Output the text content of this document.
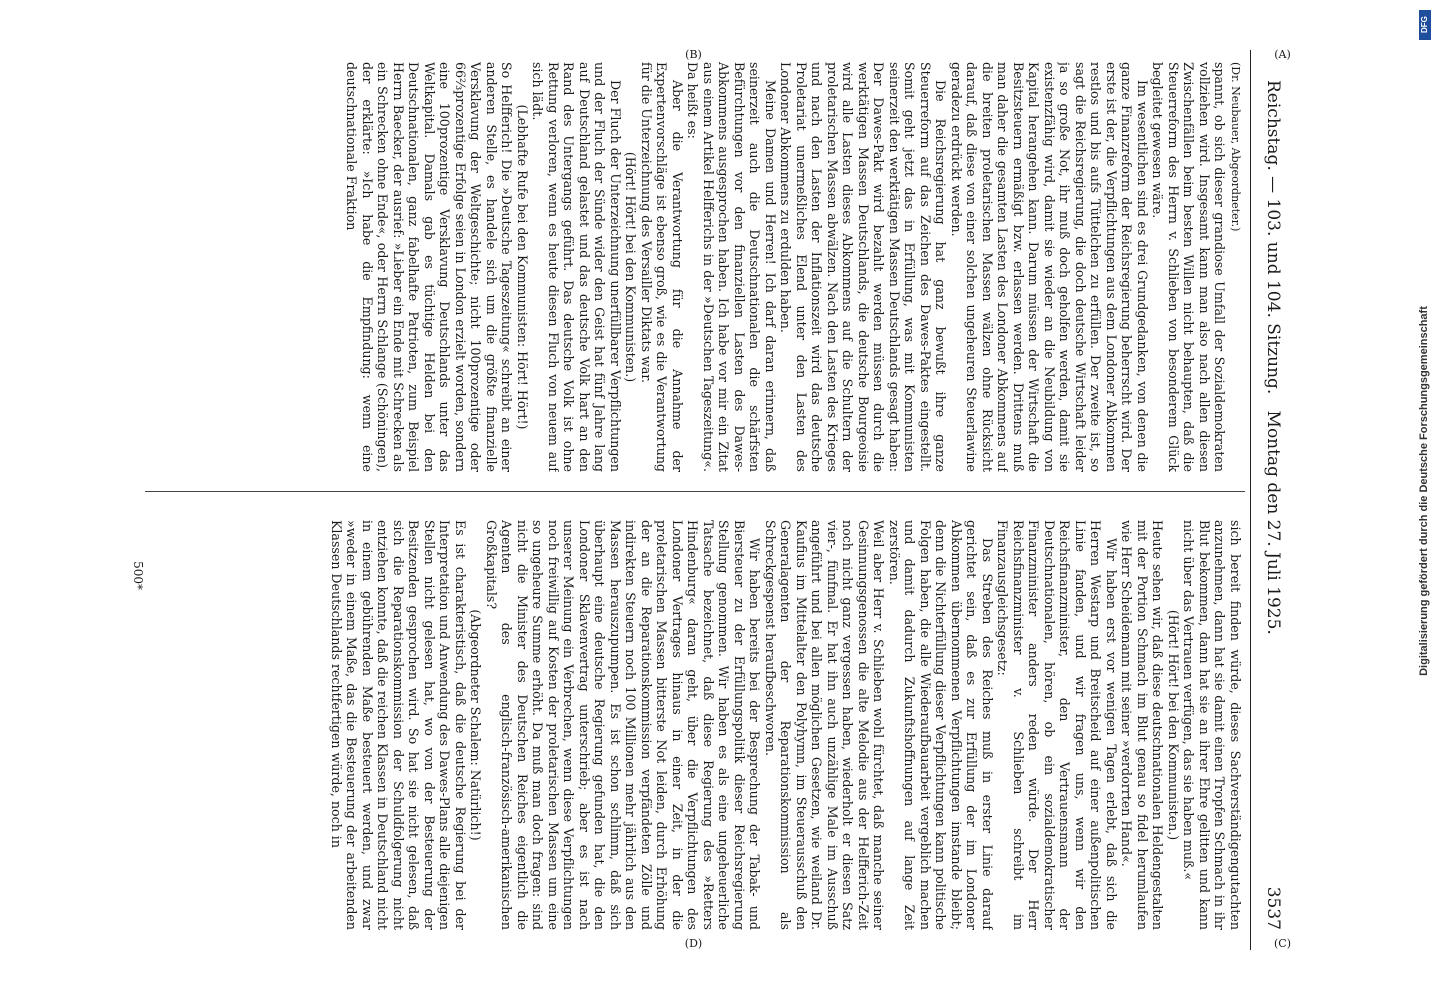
Reichstag. — 103. und 104. Sitzung.   Montag den 27. Juli 1925.
3537

(Dr. Neubauer, Abgeordneter.)

spannt, ob sich dieser grandiose Umfall der Sozialdemokraten vollziehen wird. Insgesamt kann man also nach allen diesen Zwischenfällen beim besten Willen nicht behaupten, daß die Steuerreform des Herrn v. Schlieben von besonderem Glück begleitet gewesen wäre.

Im wesentlichen sind es drei Grundgedanken, von denen die ganze Finanzreform der Reichsregierung beherrscht wird. Der erste ist der, die Verpflichtungen aus dem Londoner Abkommen restlos und bis aufs Tüttelchen zu erfüllen. Der zweite ist, so sagt die Reichsregierung, die doch deutsche Wirtschaft leider ja so große Not, ihr muß doch geholfen werden, damit sie existenzfähig wird, damit sie wieder an die Neubildung von Kapital herangehen kann. Darum müssen der Wirtschaft die Besitzsteuern ermäßigt bzw. erlassen werden. Drittens muß man daher die gesamten Lasten des Londoner Abkommens auf die breiten proletarischen Massen wälzen ohne Rücksicht darauf, daß diese von einer solchen ungeheuren Steuerlawine geradezu erdrückt werden.

Die Reichsregierung hat ganz bewußt ihre ganze Steuerreform auf das Zeichen des Dawes-Paktes eingestellt. Somit geht jetzt das in Erfüllung, was mit Kommunisten seinerzeit den werktätigen Massen Deutschlands gesagt haben: Der Dawes-Pakt wird bezahlt werden müssen durch die werktätigen Massen Deutschlands, die deutsche Bourgeoisie wird alle Lasten dieses Abkommens auf die Schultern der proletarischen Massen abwälzen. Nach den Lasten des Krieges und nach den Lasten der Inflationszeit wird das deutsche Proletariat unermeßliches Elend unter den Lasten des Londoner Abkommens zu erdulden haben.

Meine Damen und Herren! Ich darf daran erinnern, daß seinerzeit auch die Deutschnationalen die schärfsten Befürchtungen vor den finanziellen Lasten des Dawes-Abkommens ausgesprochen haben. Ich habe vor mir ein Zitat aus einem Artikel Helfferichs in der »Deutschen Tageszeitung«. Da heißt es:

Aber die Verantwortung für die Annahme der Expertenvorschläge ist ebenso groß, wie es die Verantwortung für die Unterzeichnung des Versailler Diktats war.

(Hört! Hört! bei den Kommunisten.)

Der Fluch der Unterzeichnung unerfüllbarer Verpflichtungen und der Fluch der Sünde wider den Geist hat fünf Jahre lang auf Deutschland gelastet und das deutsche Volk hart an den Rand des Untergangs geführt. Das deutsche Volk ist ohne Rettung verloren, wenn es heute diesen Fluch von neuem auf sich lädt.

(Lebhafte Rufe bei den Kommunisten: Hört! Hört!)

So Helfferich! Die »Deutsche Tageszeitung« schreibt an einer anderen Stelle, es handele sich um die größte finanzielle Versklavung der Weltgeschichte; nicht 100prozentige oder 66⅔prozentige Erfolge seien in London erzielt worden, sondern eine 100prozentige Versklavung Deutschlands unter das Weltkapital. Damals gab es tüchtige Helden bei den Deutschnationalen, ganz fabelhafte Patrioten, zum Beispiel Herrn Baecker, der ausrief: »Lieber ein Ende mit Schrecken als ein Schrecken ohne Ende«, oder Herrn Schlange (Schöningen), der erklärte: »Ich habe die Empfindung: wenn eine deutschnationale Fraktion

sich bereit finden würde, dieses Sachverständigengutachten anzunehmen, dann hat sie damit einen Tropfen Schmach in ihr Blut bekommen, dann hat sie an ihrer Ehre gelitten und kann nicht über das Vertrauen verfügen, das sie haben muß.«

(Hört! Hört! bei den Kommunisten.)

Heute sehen wir, daß diese deutschnationalen Heldengestalten mit der Portion Schmach im Blut genau so fidel herumlaufen wie Herr Scheidemann mit seiner »verdorrten Hand«.

Wir haben erst vor wenigen Tagen erlebt, daß sich die Herren Westarp und Breitscheid auf einer außenpolitischen Linie fanden, und wir fragen uns, wenn wir den Reichsfinanzminister, den Vertrauensmann der Deutschnationalen, hören, ob ein sozialdemokratischer Finanzminister anders reden würde. Der Herr Reichsfinanzminister v. Schlieben schreibt im Finanzausgleichsgesetz:

Das Streben des Reiches muß in erster Linie darauf gerichtet sein, daß es zur Erfüllung der im Londoner Abkommen übernommenen Verpflichtungen imstande bleibt; denn die Nichterfüllung dieser Verpflichtungen kann politische Folgen haben, die alle Wiederaufbauarbeit vergeblich machen und damit dadurch Zukunftshoffnungen auf lange Zeit zerstören.

Weil aber Herr v. Schlieben wohl fürchtet, daß manche seiner Gesinnungsgenossen die alte Melodie aus der Helfferich-Zeit noch nicht ganz vergessen haben, wiederholt er diesen Satz vier-, fünfmal. Er hat ihn auch unzählige Male im Ausschuß angeführt und bei allen möglichen Gesetzen, wie weiland Dr. Kaufius im Mittelalter den Polyhymn, im Steuerausschuß den Generalagenten der Reparationskommission als Schreckgespenst heraufbeschworen.

Wir haben bereits bei der Besprechung der Tabak- und Biersteuer zu der Erfüllungspolitik dieser Reichsregierung Stellung genommen. Wir haben es als eine ungeheuerliche Tatsache bezeichnet, daß diese Regierung des »Retters Hindenburg« daran geht, über die Verpflichtungen des Londoner Vertrages hinaus in einer Zeit, in der die proletarischen Massen bitterste Not leiden, durch Erhöhung der an die Reparationskommission verpfändeten Zölle und indirekten Steuern noch 100 Millionen mehr jährlich aus den Massen herauszupumpen. Es ist schon schlimm, daß sich überhaupt eine deutsche Regierung gefunden hat, die den Londoner Sklavenvertrag unterschrieb; aber es ist nach unserer Meinung ein Verbrechen, wenn diese Verpflichtungen noch freiwillig auf Kosten der proletarischen Massen um eine so ungeheure Summe erhöht. Da muß man doch fragen: sind nicht die Minister des Deutschen Reiches eigentlich die Agenten des englisch-französisch-amerikanischen Großkapitals?

(Abgeordneter Schalem: Natürlich!)

Es ist charakteristisch, daß die deutsche Regierung bei der Interpretation und Anwendung des Dawes-Plans alle diejenigen Stellen nicht gelesen hat, wo von der Besteuerung der Besitzenden gesprochen wird. So hat sie nicht gelesen, daß sich die Reparationskommission der Schuldfolgerung nicht entziehen konnte, daß die reichen Klassen in Deutschland nicht in einem gebührenden Maße besteuert werden, und zwar »weder in einem Maße, das die Besteuerung der arbeitenden Klassen Deutschlands rechtfertigen würde, noch in

(A)
(B)
(C)
(D)
500*
DFG
Digitalisierung gefördert durch die Deutsche Forschungsgemeinschaft
